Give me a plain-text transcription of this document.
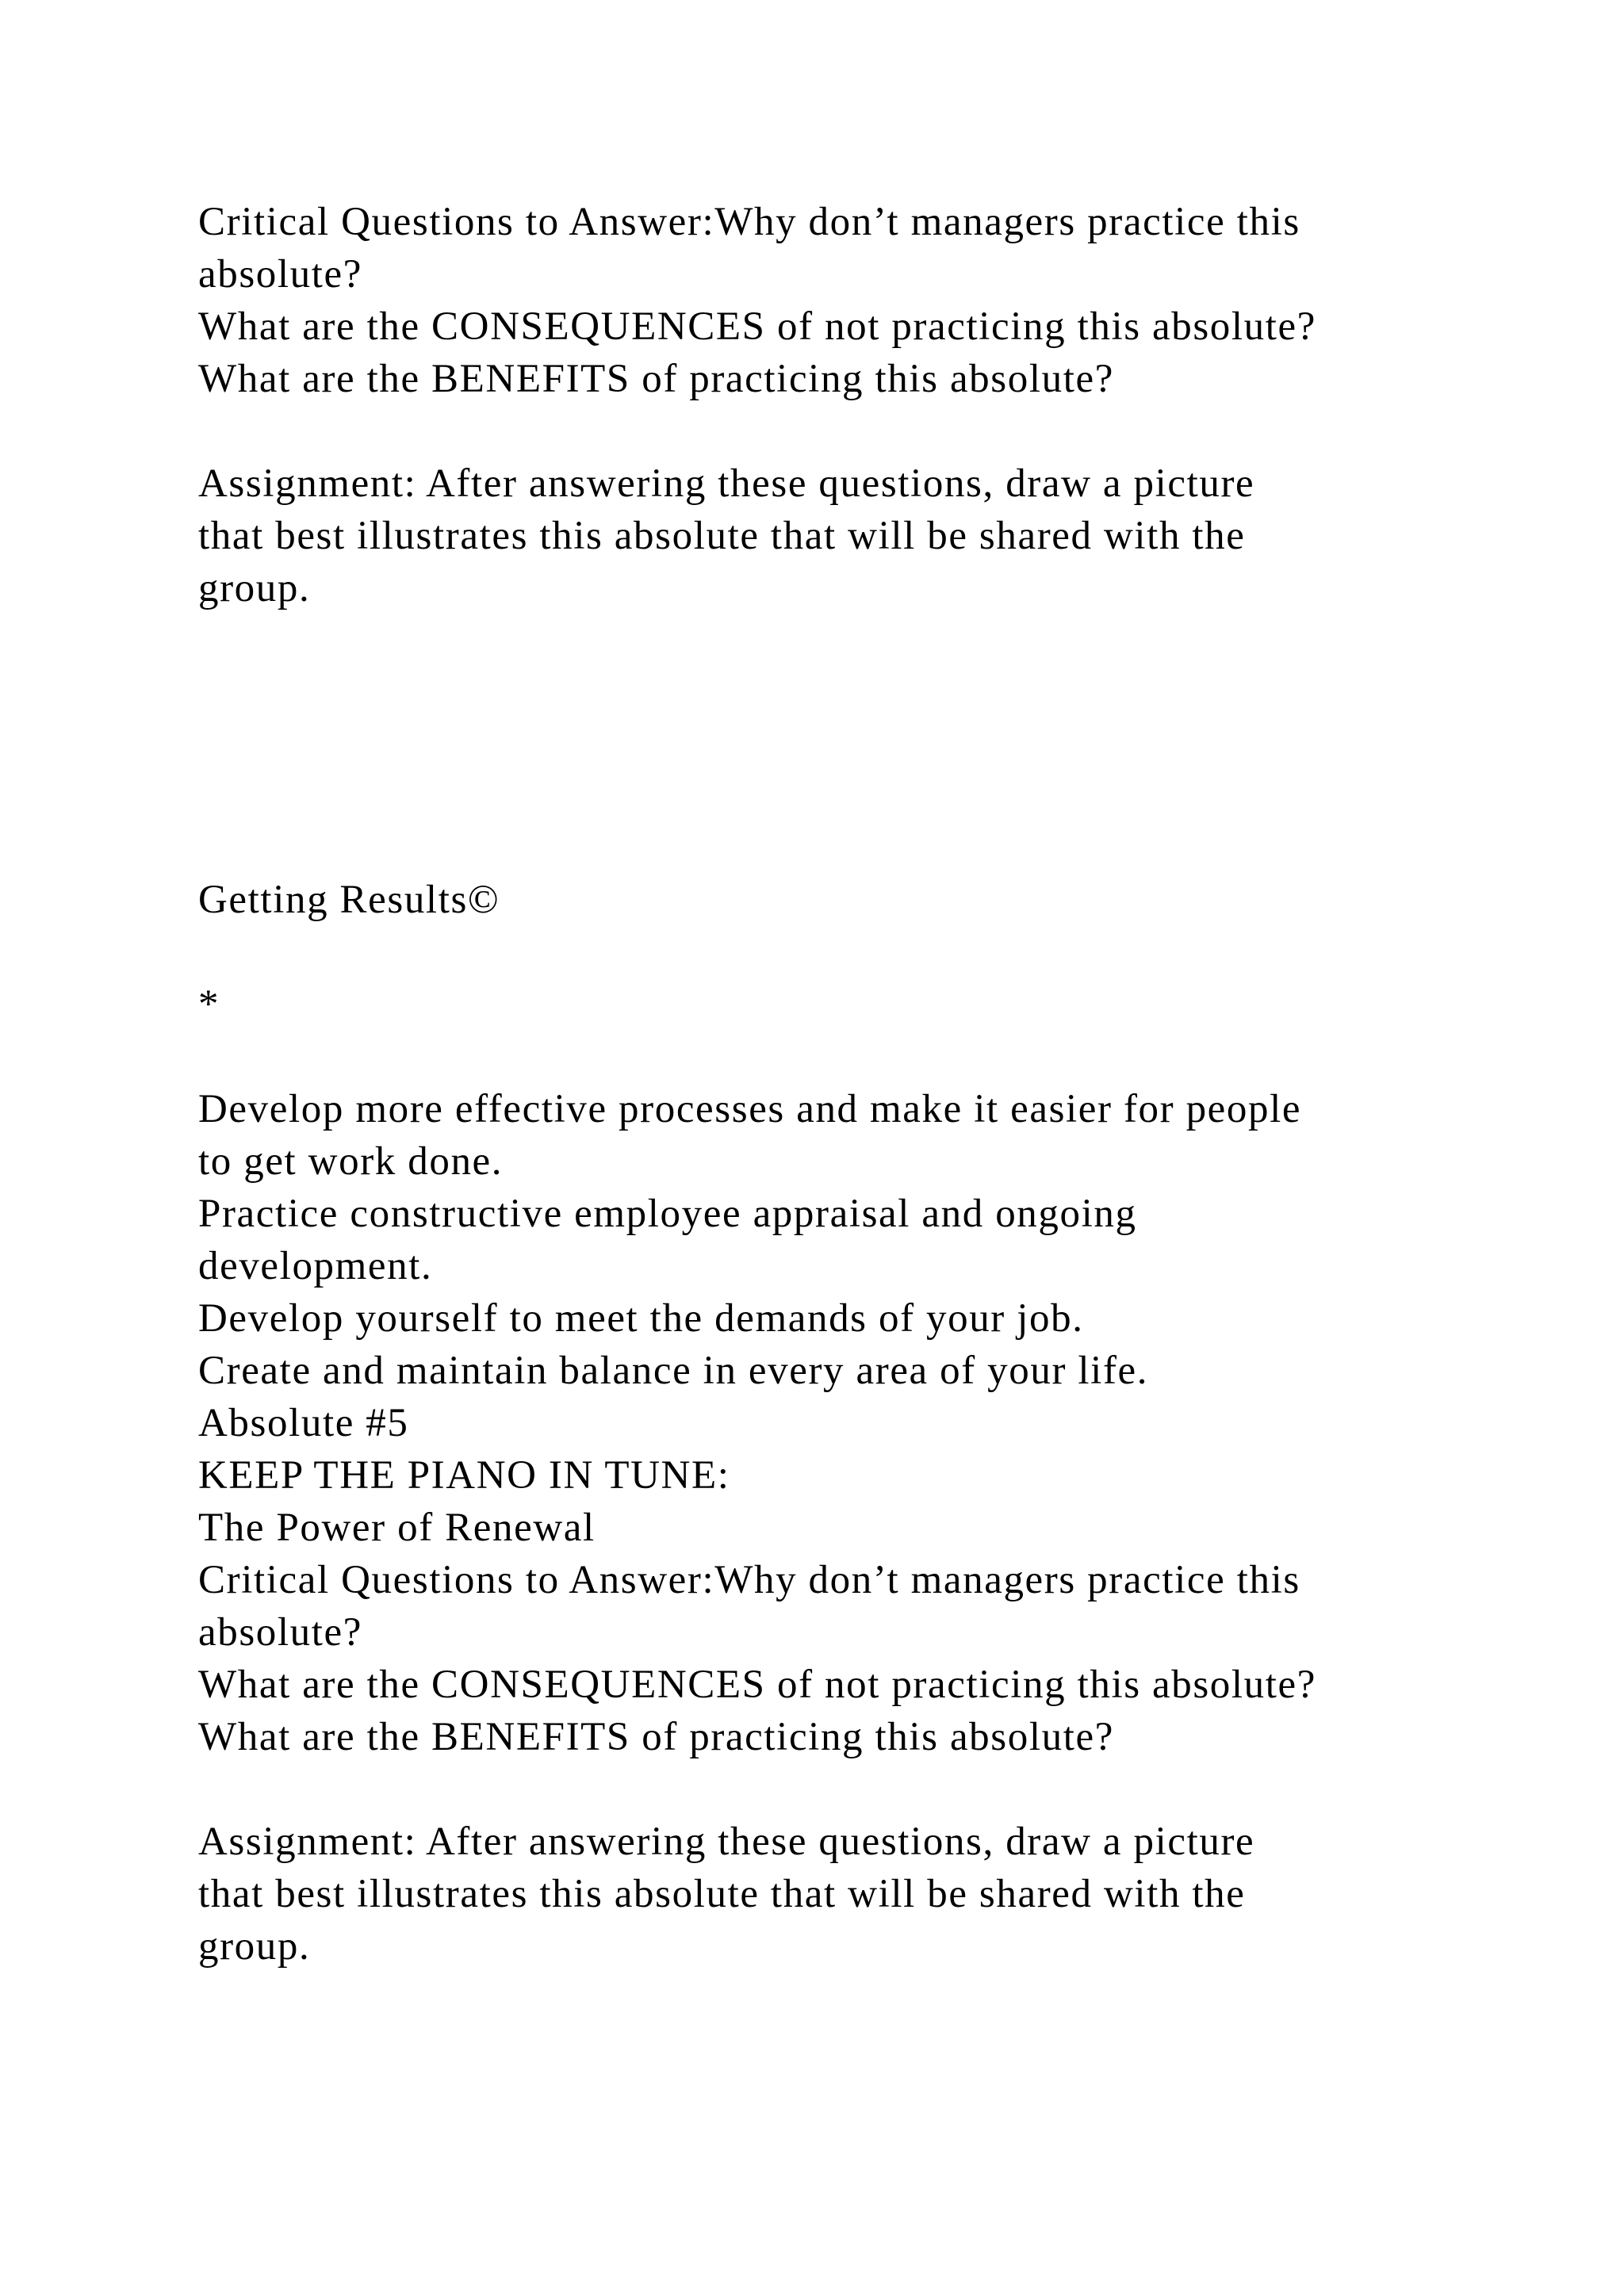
Critical Questions to Answer:Why don’t managers practice this
absolute?
What are the CONSEQUENCES of not practicing this absolute?
What are the BENEFITS of practicing this absolute?
Assignment: After answering these questions, draw a picture
that best illustrates this absolute that will be shared with the
group.
Getting Results©
*
Develop more effective processes and make it easier for people
to get work done.
Practice constructive employee appraisal and ongoing
development.
Develop yourself to meet the demands of your job.
Create and maintain balance in every area of your life.
Absolute #5
KEEP THE PIANO IN TUNE:
The Power of Renewal
Critical Questions to Answer:Why don’t managers practice this
absolute?
What are the CONSEQUENCES of not practicing this absolute?
What are the BENEFITS of practicing this absolute?
Assignment: After answering these questions, draw a picture
that best illustrates this absolute that will be shared with the
group.
